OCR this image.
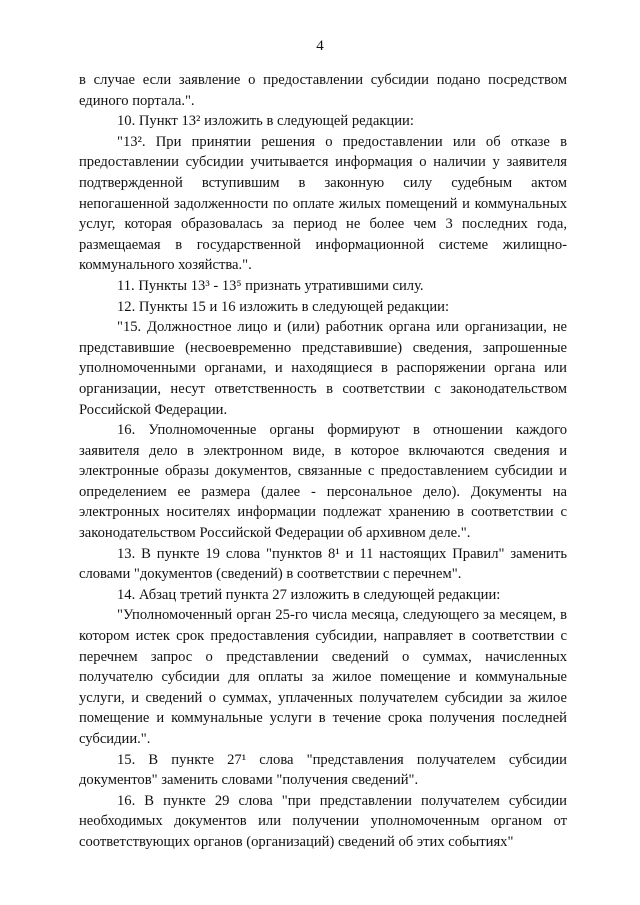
4

в случае если заявление о предоставлении субсидии подано посредством единого портала.".

10. Пункт 13² изложить в следующей редакции:

"13². При принятии решения о предоставлении или об отказе в предоставлении субсидии учитывается информация о наличии у заявителя подтвержденной вступившим в законную силу судебным актом непогашенной задолженности по оплате жилых помещений и коммунальных услуг, которая образовалась за период не более чем 3 последних года, размещаемая в государственной информационной системе жилищно-коммунального хозяйства.".

11. Пункты 13³ - 13⁵ признать утратившими силу.

12. Пункты 15 и 16 изложить в следующей редакции:

"15. Должностное лицо и (или) работник органа или организации, не представившие (несвоевременно представившие) сведения, запрошенные уполномоченными органами, и находящиеся в распоряжении органа или организации, несут ответственность в соответствии с законодательством Российской Федерации.

16. Уполномоченные органы формируют в отношении каждого заявителя дело в электронном виде, в которое включаются сведения и электронные образы документов, связанные с предоставлением субсидии и определением ее размера (далее - персональное дело). Документы на электронных носителях информации подлежат хранению в соответствии с законодательством Российской Федерации об архивном деле.".

13. В пункте 19 слова "пунктов 8¹ и 11 настоящих Правил" заменить словами "документов (сведений) в соответствии с перечнем".

14. Абзац третий пункта 27 изложить в следующей редакции:

"Уполномоченный орган 25-го числа месяца, следующего за месяцем, в котором истек срок предоставления субсидии, направляет в соответствии с перечнем запрос о представлении сведений о суммах, начисленных получателю субсидии для оплаты за жилое помещение и коммунальные услуги, и сведений о суммах, уплаченных получателем субсидии за жилое помещение и коммунальные услуги в течение срока получения последней субсидии.".

15. В пункте 27¹ слова "представления получателем субсидии документов" заменить словами "получения сведений".

16. В пункте 29 слова "при представлении получателем субсидии необходимых документов или получении уполномоченным органом от соответствующих органов (организаций) сведений об этих событиях"
